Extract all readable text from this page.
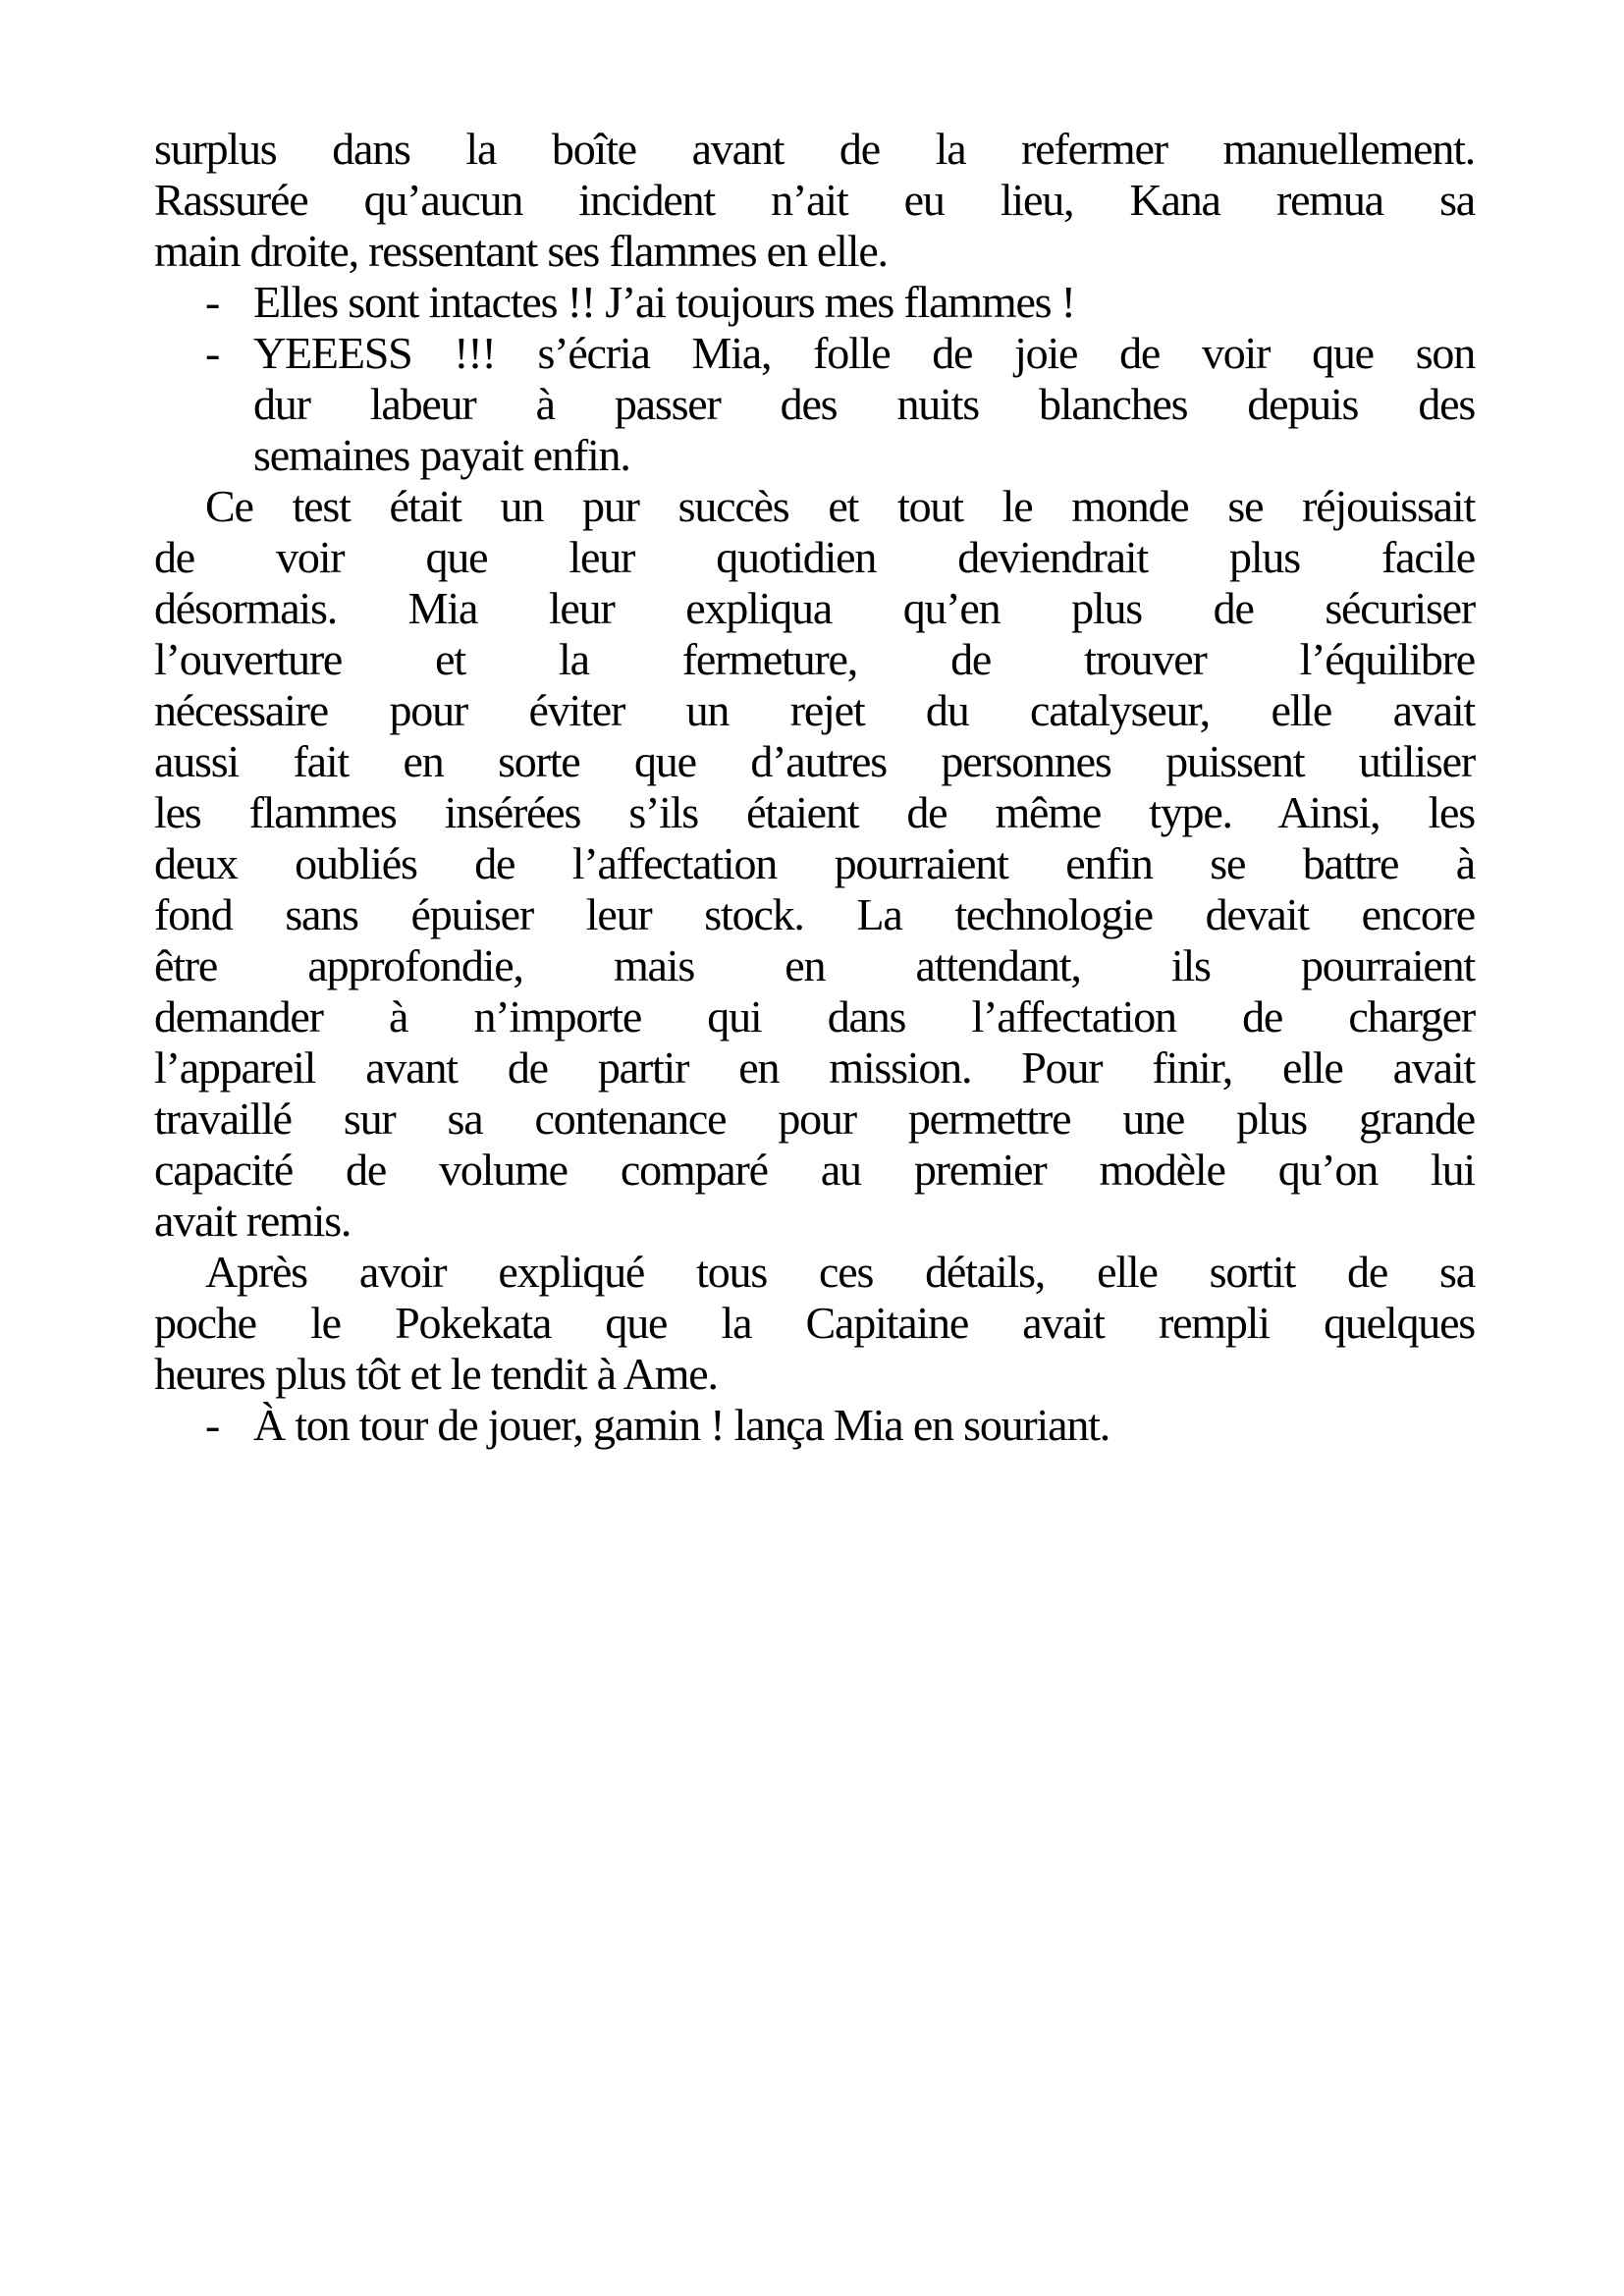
surplus dans la boîte avant de la refermer manuellement.
Rassurée qu’aucun incident n’ait eu lieu, Kana remua sa
main droite, ressentant ses flammes en elle.

- Elles sont intactes !! J’ai toujours mes flammes !
- YEEESS !!! s’écria Mia, folle de joie de voir que son
dur labeur à passer des nuits blanches depuis des
semaines payait enfin.

Ce test était un pur succès et tout le monde se réjouissait
de voir que leur quotidien deviendrait plus facile
désormais. Mia leur expliqua qu’en plus de sécuriser
l’ouverture et la fermeture, de trouver l’équilibre
nécessaire pour éviter un rejet du catalyseur, elle avait
aussi fait en sorte que d’autres personnes puissent utiliser
les flammes insérées s’ils étaient de même type. Ainsi, les
deux oubliés de l’affectation pourraient enfin se battre à
fond sans épuiser leur stock. La technologie devait encore
être approfondie, mais en attendant, ils pourraient
demander à n’importe qui dans l’affectation de charger
l’appareil avant de partir en mission. Pour finir, elle avait
travaillé sur sa contenance pour permettre une plus grande
capacité de volume comparé au premier modèle qu’on lui
avait remis.

Après avoir expliqué tous ces détails, elle sortit de sa
poche le Pokekata que la Capitaine avait rempli quelques
heures plus tôt et le tendit à Ame.

- À ton tour de jouer, gamin ! lança Mia en souriant.
